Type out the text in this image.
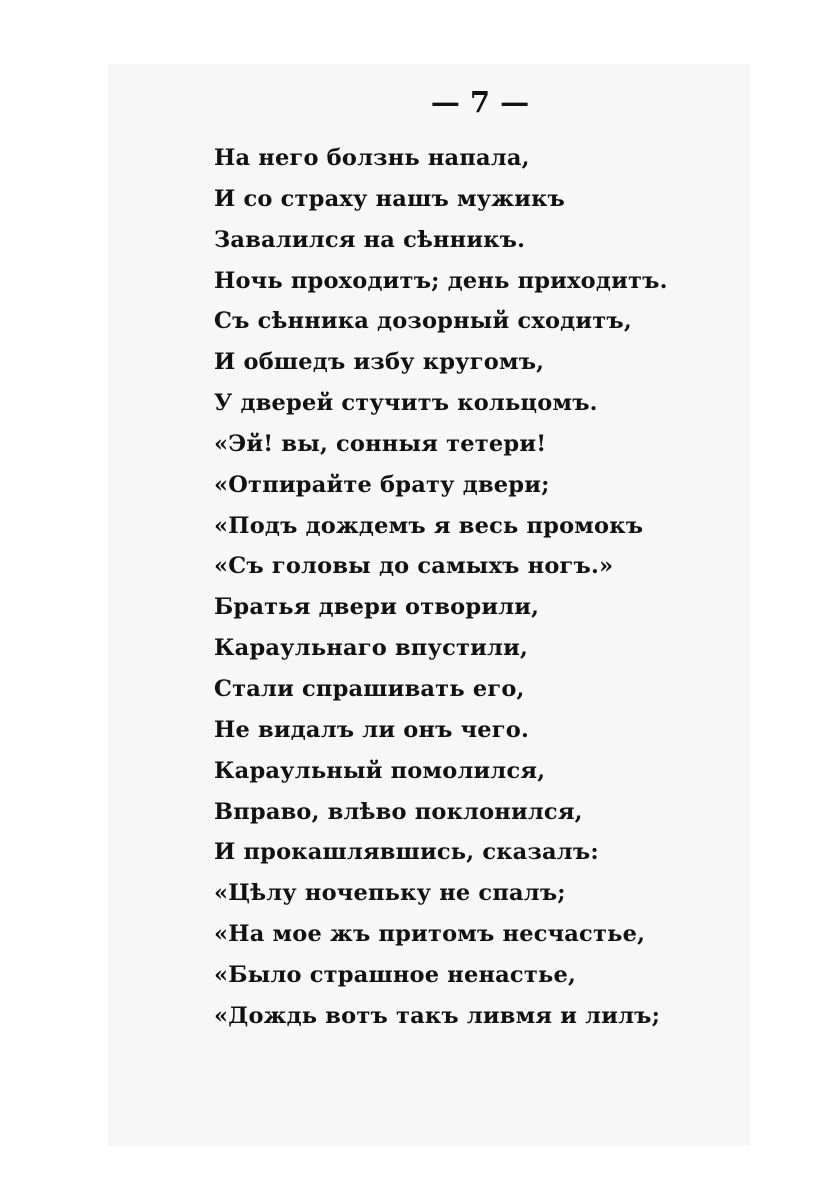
— 7 —
На него болзнь напала,
И со страху нашъ мужикъ
Завалился на сѣнникъ.
Ночь проходитъ; день приходитъ.
Съ сѣнника дозорный сходитъ,
И обшедъ избу кругомъ,
У дверей стучитъ кольцомъ.
«Эй! вы, сонныя тетери!
«Отпирайте брату двери;
«Подъ дождемъ я весь промокъ
«Съ головы до самыхъ ногъ.»
Братья двери отворили,
Караульнаго впустили,
Стали спрашивать его,
Не видалъ ли онъ чего.
Караульный помолился,
Вправо, влѣво поклонился,
И прокашлявшись, сказалъ:
«Цѣлу ночепьку не спалъ;
«На мое жъ притомъ несчастье,
«Было страшное ненастье,
«Дождь вотъ такъ ливмя и лилъ;
